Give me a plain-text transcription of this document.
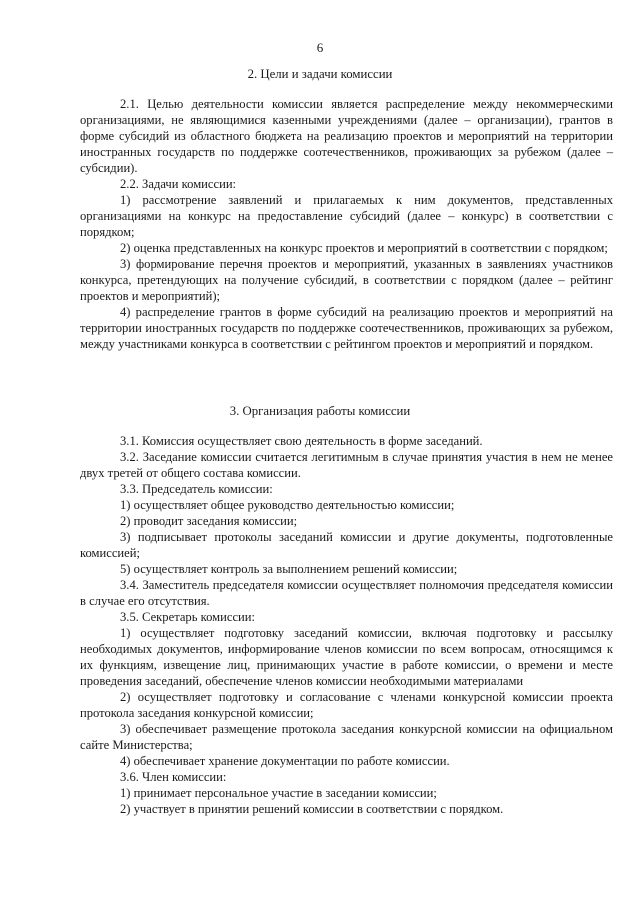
6
2. Цели и задачи комиссии

2.1. Целью деятельности комиссии является распределение между некоммерческими организациями, не являющимися казенными учреждениями (далее – организации), грантов в форме субсидий из областного бюджета на реализацию проектов и мероприятий на территории иностранных государств по поддержке соотечественников, проживающих за рубежом (далее – субсидии).

2.2. Задачи комиссии:

1) рассмотрение заявлений и прилагаемых к ним документов, представленных организациями на конкурс на предоставление субсидий (далее – конкурс) в соответствии с порядком;

2) оценка представленных на конкурс проектов и мероприятий в соответствии с порядком;

3) формирование перечня проектов и мероприятий, указанных в заявлениях участников конкурса, претендующих на получение субсидий, в соответствии с порядком (далее – рейтинг проектов и мероприятий);

4) распределение грантов в форме субсидий на реализацию проектов и мероприятий на территории иностранных государств по поддержке соотечественников, проживающих за рубежом, между участниками конкурса в соответствии с рейтингом проектов и мероприятий и порядком.

3. Организация работы комиссии

3.1. Комиссия осуществляет свою деятельность в форме заседаний.

3.2. Заседание комиссии считается легитимным в случае принятия участия в нем не менее двух третей от общего состава комиссии.

3.3. Председатель комиссии:

1) осуществляет общее руководство деятельностью комиссии;

2) проводит заседания комиссии;

3) подписывает протоколы заседаний комиссии и другие документы, подготовленные комиссией;

5) осуществляет контроль за выполнением решений комиссии;

3.4. Заместитель председателя комиссии осуществляет полномочия председателя комиссии в случае его отсутствия.

3.5. Секретарь комиссии:

1) осуществляет подготовку заседаний комиссии, включая подготовку и рассылку необходимых документов, информирование членов комиссии по всем вопросам, относящимся к их функциям, извещение лиц, принимающих участие в работе комиссии, о времени и месте проведения заседаний, обеспечение членов комиссии необходимыми материалами

2) осуществляет подготовку и согласование с членами конкурсной комиссии проекта протокола заседания конкурсной комиссии;

3) обеспечивает размещение протокола заседания конкурсной комиссии на официальном сайте Министерства;

4) обеспечивает хранение документации по работе комиссии.

3.6. Член комиссии:

1) принимает персональное участие в заседании комиссии;

2) участвует в принятии решений комиссии в соответствии с порядком.
